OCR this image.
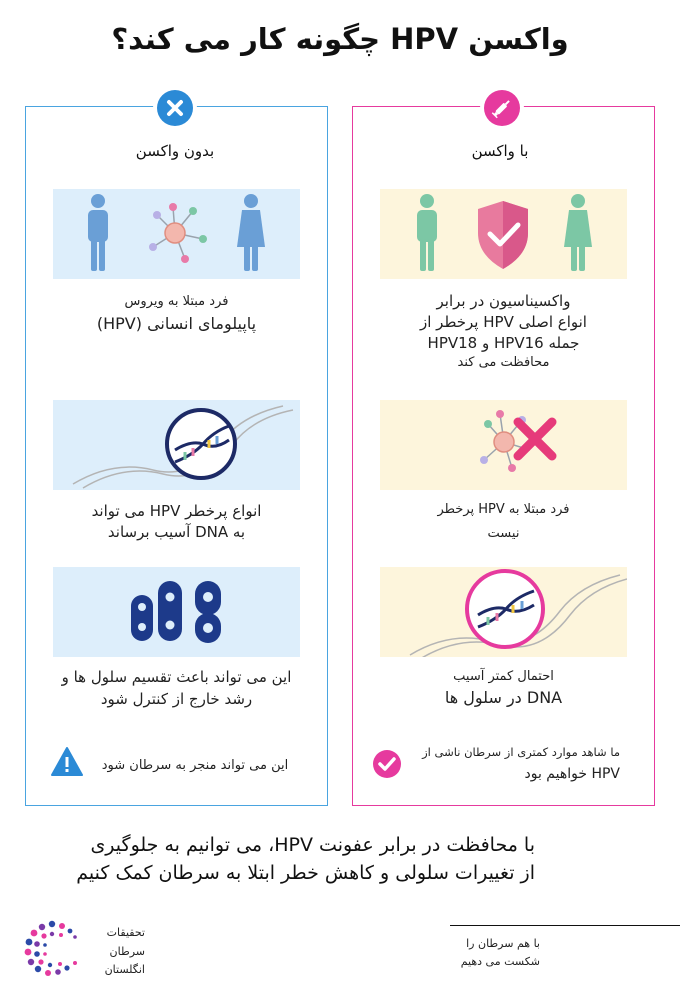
واکسن HPV چگونه کار می کند؟
بدون واکسن	با واکسن
فرد مبتلا به ویروس
پاپیلومای انسانی (HPV)
انواع پرخطر HPV می تواند
به DNA آسیب برساند
این می تواند باعث تقسیم سلول ها و
رشد خارج از کنترل شود
این می تواند منجر به سرطان شود
واکسیناسیون در برابر
انواع اصلی HPV پرخطر از
جمله HPV16 و HPV18
محافظت می کند
فرد مبتلا به HPV پرخطر
نیست
احتمال کمتر آسیب
DNA در سلول ها
ما شاهد موارد کمتری از سرطان ناشی از
HPV خواهیم بود
با محافظت در برابر عفونت HPV، می توانیم به جلوگیری
از تغییرات سلولی و کاهش خطر ابتلا به سرطان کمک کنیم
تحقیقات
سرطان انگلستان
با هم سرطان را
شکست می دهیم
